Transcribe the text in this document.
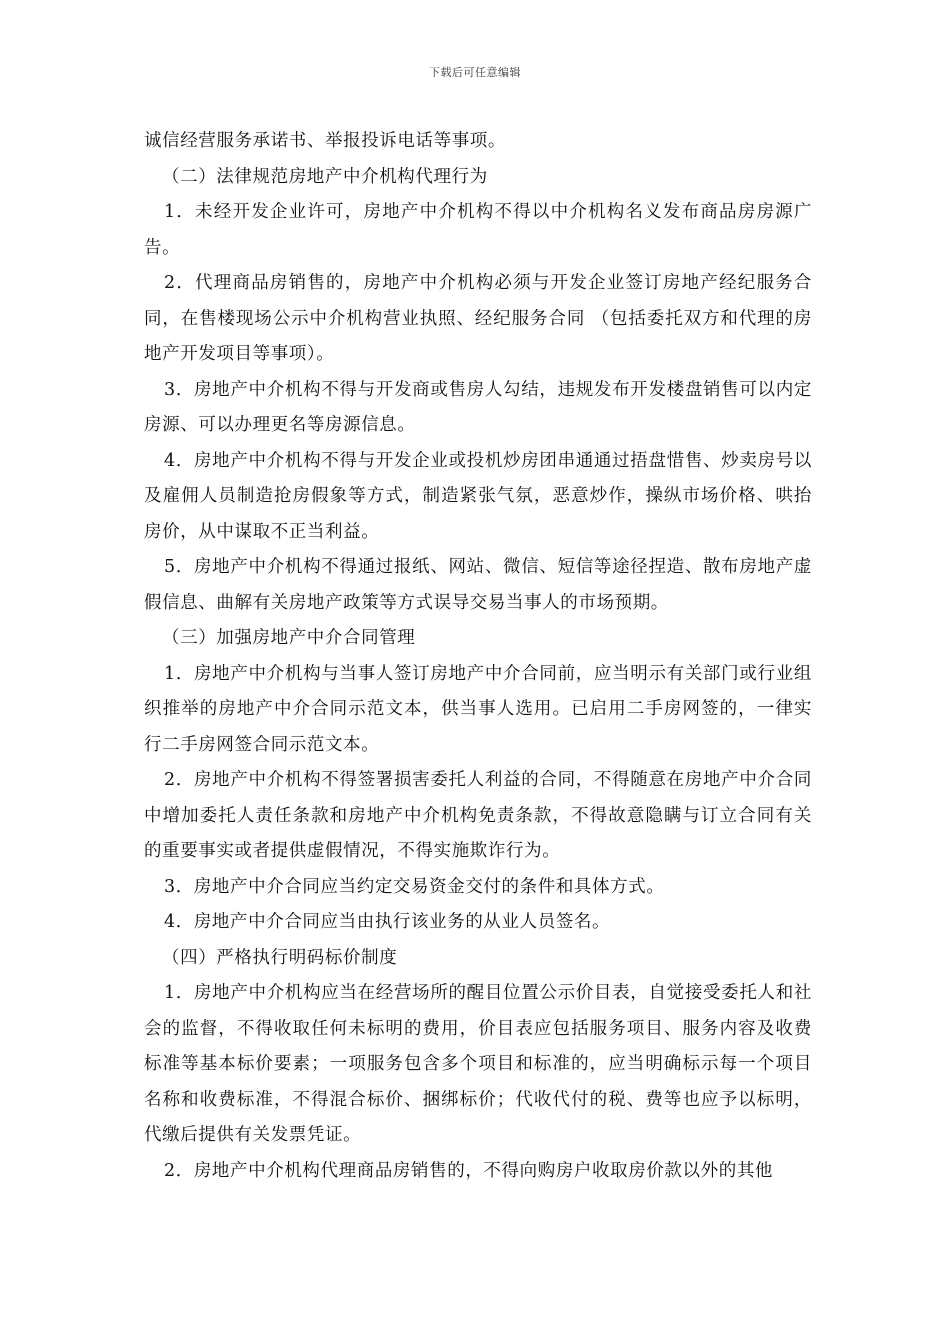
下载后可任意编辑

诚信经营服务承诺书、举报投诉电话等事项。

（二）法律规范房地产中介机构代理行为

1．未经开发企业许可，房地产中介机构不得以中介机构名义发布商品房房源广告。

2．代理商品房销售的，房地产中介机构必须与开发企业签订房地产经纪服务合同，在售楼现场公示中介机构营业执照、经纪服务合同 （包括委托双方和代理的房地产开发项目等事项）。

3．房地产中介机构不得与开发商或售房人勾结，违规发布开发楼盘销售可以内定房源、可以办理更名等房源信息。

4．房地产中介机构不得与开发企业或投机炒房团串通通过捂盘惜售、炒卖房号以及雇佣人员制造抢房假象等方式，制造紧张气氛，恶意炒作，操纵市场价格、哄抬房价，从中谋取不正当利益。

5．房地产中介机构不得通过报纸、网站、微信、短信等途径捏造、散布房地产虚假信息、曲解有关房地产政策等方式误导交易当事人的市场预期。

（三）加强房地产中介合同管理

1．房地产中介机构与当事人签订房地产中介合同前，应当明示有关部门或行业组织推举的房地产中介合同示范文本，供当事人选用。已启用二手房网签的，一律实行二手房网签合同示范文本。

2．房地产中介机构不得签署损害委托人利益的合同，不得随意在房地产中介合同中增加委托人责任条款和房地产中介机构免责条款，不得故意隐瞒与订立合同有关的重要事实或者提供虚假情况，不得实施欺诈行为。

3．房地产中介合同应当约定交易资金交付的条件和具体方式。

4．房地产中介合同应当由执行该业务的从业人员签名。

（四）严格执行明码标价制度

1．房地产中介机构应当在经营场所的醒目位置公示价目表，自觉接受委托人和社会的监督，不得收取任何未标明的费用，价目表应包括服务项目、服务内容及收费标准等基本标价要素；一项服务包含多个项目和标准的，应当明确标示每一个项目名称和收费标准，不得混合标价、捆绑标价；代收代付的税、费等也应予以标明，代缴后提供有关发票凭证。

2．房地产中介机构代理商品房销售的，不得向购房户收取房价款以外的其他
